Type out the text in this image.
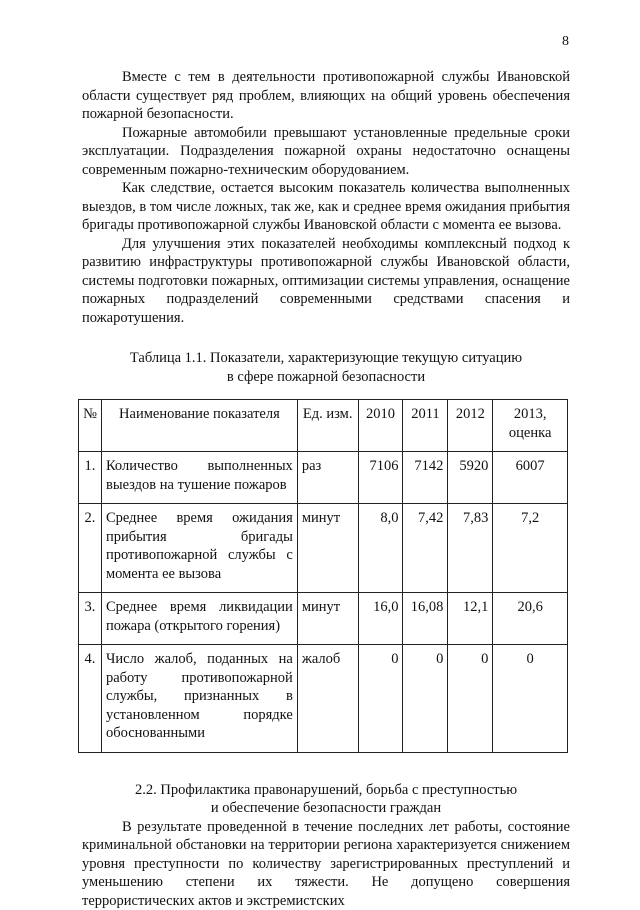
8

Вместе с тем в деятельности противопожарной службы Ивановской области существует ряд проблем, влияющих на общий уровень обеспечения пожарной безопасности.

Пожарные автомобили превышают установленные предельные сроки эксплуатации. Подразделения пожарной охраны недостаточно оснащены современным пожарно-техническим оборудованием.

Как следствие, остается высоким показатель количества выполненных выездов, в том числе ложных, так же, как и среднее время ожидания прибытия бригады противопожарной службы Ивановской области с момента ее вызова.

Для улучшения этих показателей необходимы комплексный подход к развитию инфраструктуры противопожарной службы Ивановской области, системы подготовки пожарных, оптимизации системы управления, оснащение пожарных подразделений современными средствами спасения и пожаротушения.

Таблица 1.1. Показатели, характеризующие текущую ситуацию
в сфере пожарной безопасности
№	Наименование показателя	Ед. изм.	2010	2011	2012	2013, оценка
1.	Количество выполненных выездов на тушение пожаров	раз	7106	7142	5920	6007
2.	Среднее время ожидания прибытия бригады противопожарной службы с момента ее вызова	минут	8,0	7,42	7,83	7,2
3.	Среднее время ликвидации пожара (открытого горения)	минут	16,0	16,08	12,1	20,6
4.	Число жалоб, поданных на работу противопожарной службы, признанных в установленном порядке обоснованными	жалоб	0	0	0	0
2.2. Профилактика правонарушений, борьба с преступностью
и обеспечение безопасности граждан

В результате проведенной в течение последних лет работы, состояние криминальной обстановки на территории региона характеризуется снижением уровня преступности по количеству зарегистрированных преступлений и уменьшению степени их тяжести. Не допущено совершения террористических актов и экстремистских
